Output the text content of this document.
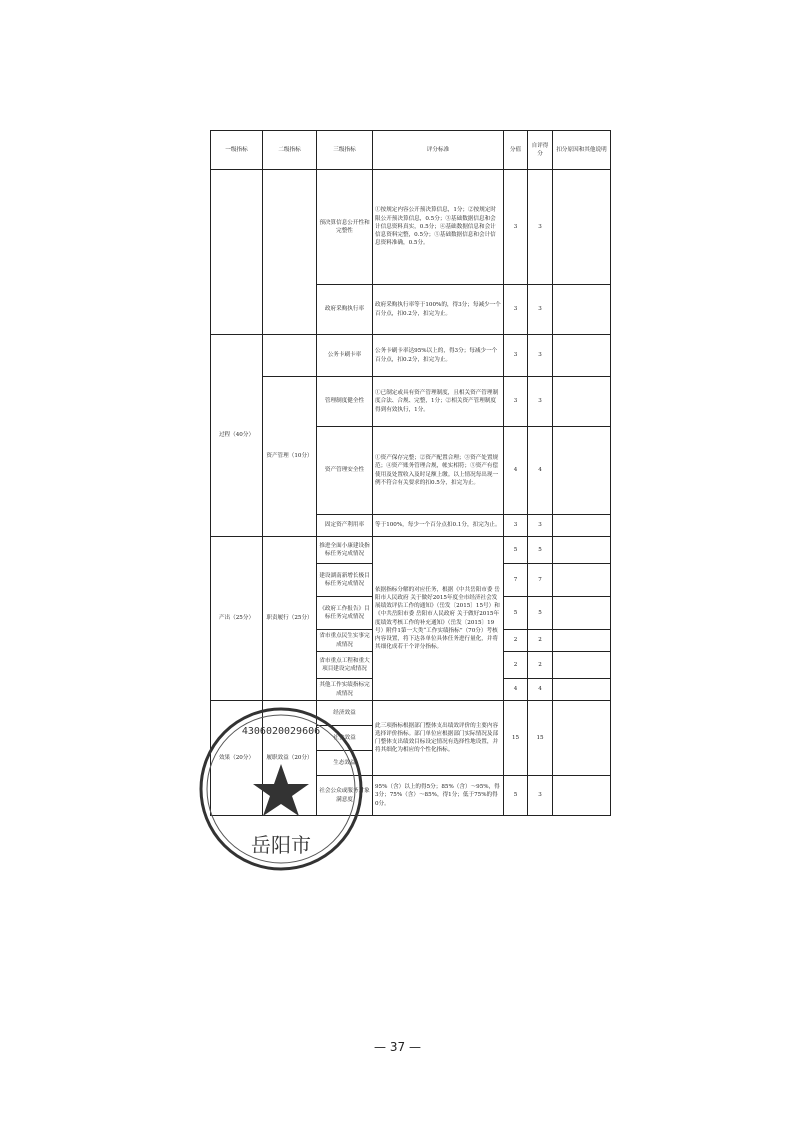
一级指标	二级指标	三级指标	评分标准	分值	自评得分	扣分原因和其他说明
		预决算信息公开性和完整性	①按规定内容公开预决算信息，1分；②按规定时限公开预决算信息，0.5分；③基础数据信息和会计信息资料真实，0.5分；④基础数据信息和会计信息资料完整，0.5分；⑤基础数据信息和会计信息资料准确，0.5分。	3	3	
		政府采购执行率	政府采购执行率等于100%的，得3分；每减少一个百分点，扣0.2分，扣完为止。	3	3	
过程（40分）		公务卡刷卡率	公务卡刷卡率达95%以上的，得3分；每减少一个百分点，扣0.2分，扣完为止。	3	3	
	资产管理（10分）	管理制度健全性	①已制定或具有资产管理制度，且相关资产管理制度合法、合规、完整，1分；②相关资产管理制度得到有效执行，1分。	3	3	
		资产管理安全性	①资产保存完整；②资产配置合理；③资产处置规范；④资产账务管理合规，帐实相符；⑤资产有偿使用及处置收入及时足额上缴。以上情况每出现一例不符合有关要求的扣0.5分，扣完为止。	4	4	
		固定资产利用率	等于100%，每少一个百分点扣0.1分，扣完为止。	3	3	
产出（25分）	职责履行（25分）	推进全面小康建设指标任务完成情况	依据指标分解的对应任务，根据《中共岳阳市委 岳阳市人民政府 关于做好2015年度全市经济社会发展绩效评估工作的通知》（岳发〔2015〕15号）和《中共岳阳市委 岳阳市人民政府 关于做好2015年度绩效考核工作的补充通知》（岳发〔2015〕19号）附件1第一大类“工作实绩指标”（70分）考核内容设置，将下达各单位具体任务进行量化，并将其细化成若干个评分指标。	5	5	
		建设湖南新增长极目标任务完成情况		7	7	
		《政府工作报告》目标任务完成情况		5	5	
		省市重点民生实事完成情况		2	2	
		省市重点工程和重大项目建设完成情况		2	2	
		其他工作实绩指标完成情况		4	4	
效果（20分）	履职效益（20分）	经济效益	此三项指标根据部门整体支出绩效评价的主要内容选择评价指标。部门单位应根据部门实际情况及部门整体支出绩效目标设定情况有选择性地设置，并将其细化为相应的个性化指标。	15	15	
		社会效益				
		生态效益				
		社会公众或服务对象满意度	95%（含）以上的得5分；85%（含）～95%，得3分；75%（含）～85%，得1分；低于75%的得0分。	5	3	
4306020029606
岳阳市
— 37 —
